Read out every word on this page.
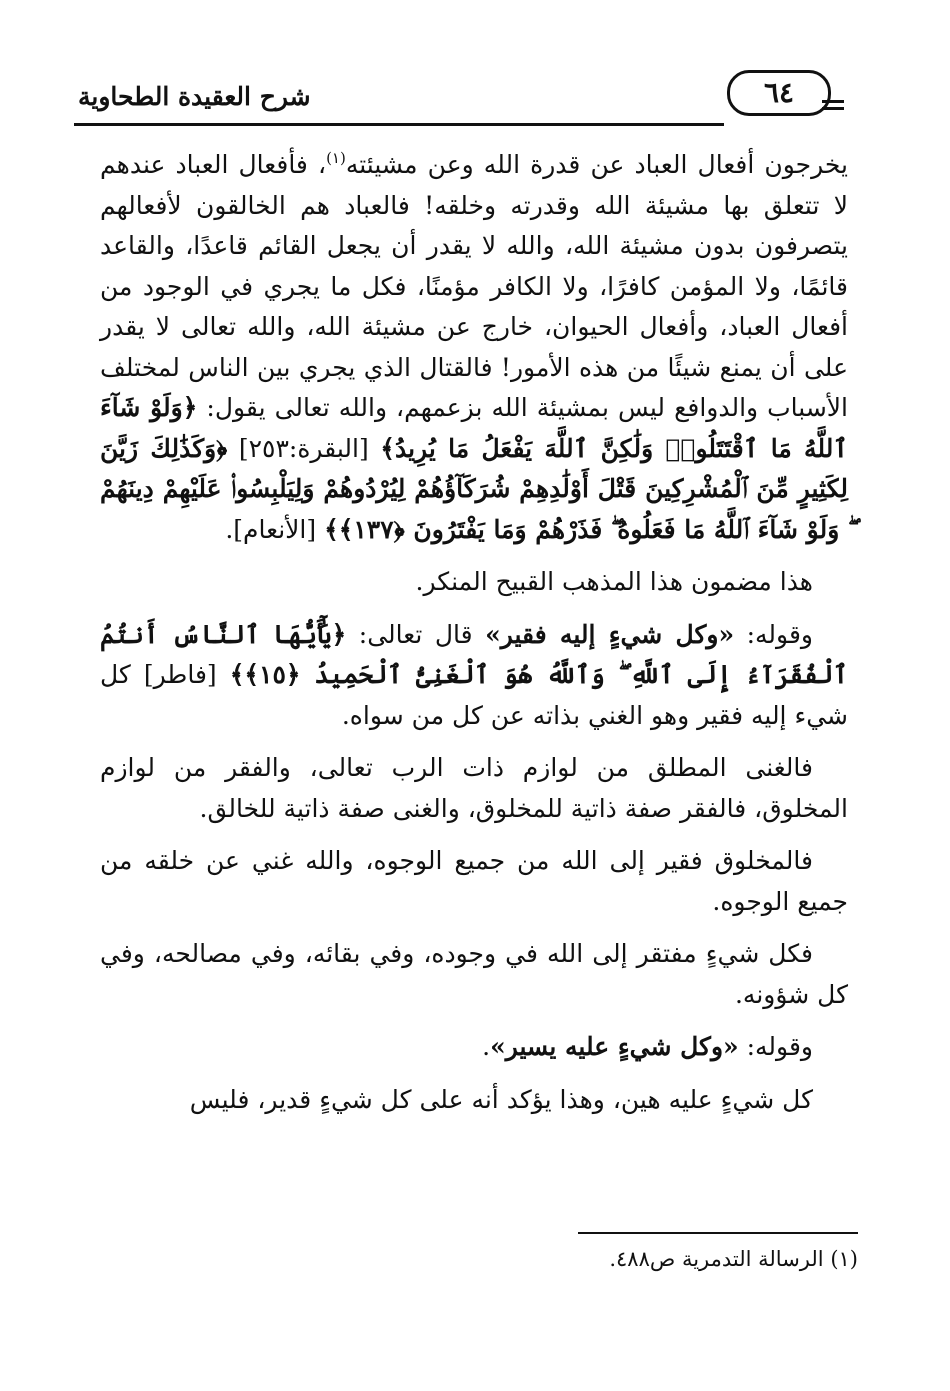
شرح العقيدة الطحاوية	٦٤

يخرجون أفعال العباد عن قدرة الله وعن مشيئته$^{(١)}$، فأفعال العباد عندهم لا تتعلق بها مشيئة الله وقدرته وخلقه! فالعباد هم الخالقون لأفعالهم يتصرفون بدون مشيئة الله، والله لا يقدر أن يجعل القائم قاعدًا، والقاعد قائمًا، ولا المؤمن كافرًا، ولا الكافر مؤمنًا، فكل ما يجري في الوجود من أفعال العباد، وأفعال الحيوان، خارج عن مشيئة الله، والله تعالى لا يقدر على أن يمنع شيئًا من هذه الأمور! فالقتال الذي يجري بين الناس لمختلف الأسباب والدوافع ليس بمشيئة الله بزعمهم، والله تعالى يقول: ﴿وَلَوْ شَآءَ ٱللَّهُ مَا ٱقْتَتَلُوا۟ وَلَٰكِنَّ ٱللَّهَ يَفْعَلُ مَا يُرِيدُ﴾ [البقرة:٢٥٣] ﴿وَكَذَٰلِكَ زَيَّنَ لِكَثِيرٍ مِّنَ ٱلْمُشْرِكِينَ قَتْلَ أَوْلَٰدِهِمْ شُرَكَآؤُهُمْ لِيُرْدُوهُمْ وَلِيَلْبِسُوا۟ عَلَيْهِمْ دِينَهُمْ ۖ وَلَوْ شَآءَ ٱللَّهُ مَا فَعَلُوهُ ۖ فَذَرْهُمْ وَمَا يَفْتَرُونَ ﴿١٣٧﴾﴾ [الأنعام].

هذا مضمون هذا المذهب القبيح المنكر.

وقوله: «وكل شيءٍ إليه فقير» قال تعالى: ﴿يَٰٓأَيُّهَا ٱلنَّاسُ أَنتُمُ ٱلْفُقَرَآءُ إِلَى ٱللَّهِ ۖ وَٱللَّهُ هُوَ ٱلْغَنِىُّ ٱلْحَمِيدُ ﴿١٥﴾﴾ [فاطر] كل شيء إليه فقير وهو الغني بذاته عن كل من سواه.

فالغنى المطلق من لوازم ذات الرب تعالى، والفقر من لوازم المخلوق، فالفقر صفة ذاتية للمخلوق، والغنى صفة ذاتية للخالق.

فالمخلوق فقير إلى الله من جميع الوجوه، والله غني عن خلقه من جميع الوجوه.

فكل شيءٍ مفتقر إلى الله في وجوده، وفي بقائه، وفي مصالحه، وفي كل شؤونه.

وقوله: «وكل شيءٍ عليه يسير».

كل شيءٍ عليه هين، وهذا يؤكد أنه على كل شيءٍ قدير، فليس

(١) الرسالة التدمرية ص٤٨٨.
